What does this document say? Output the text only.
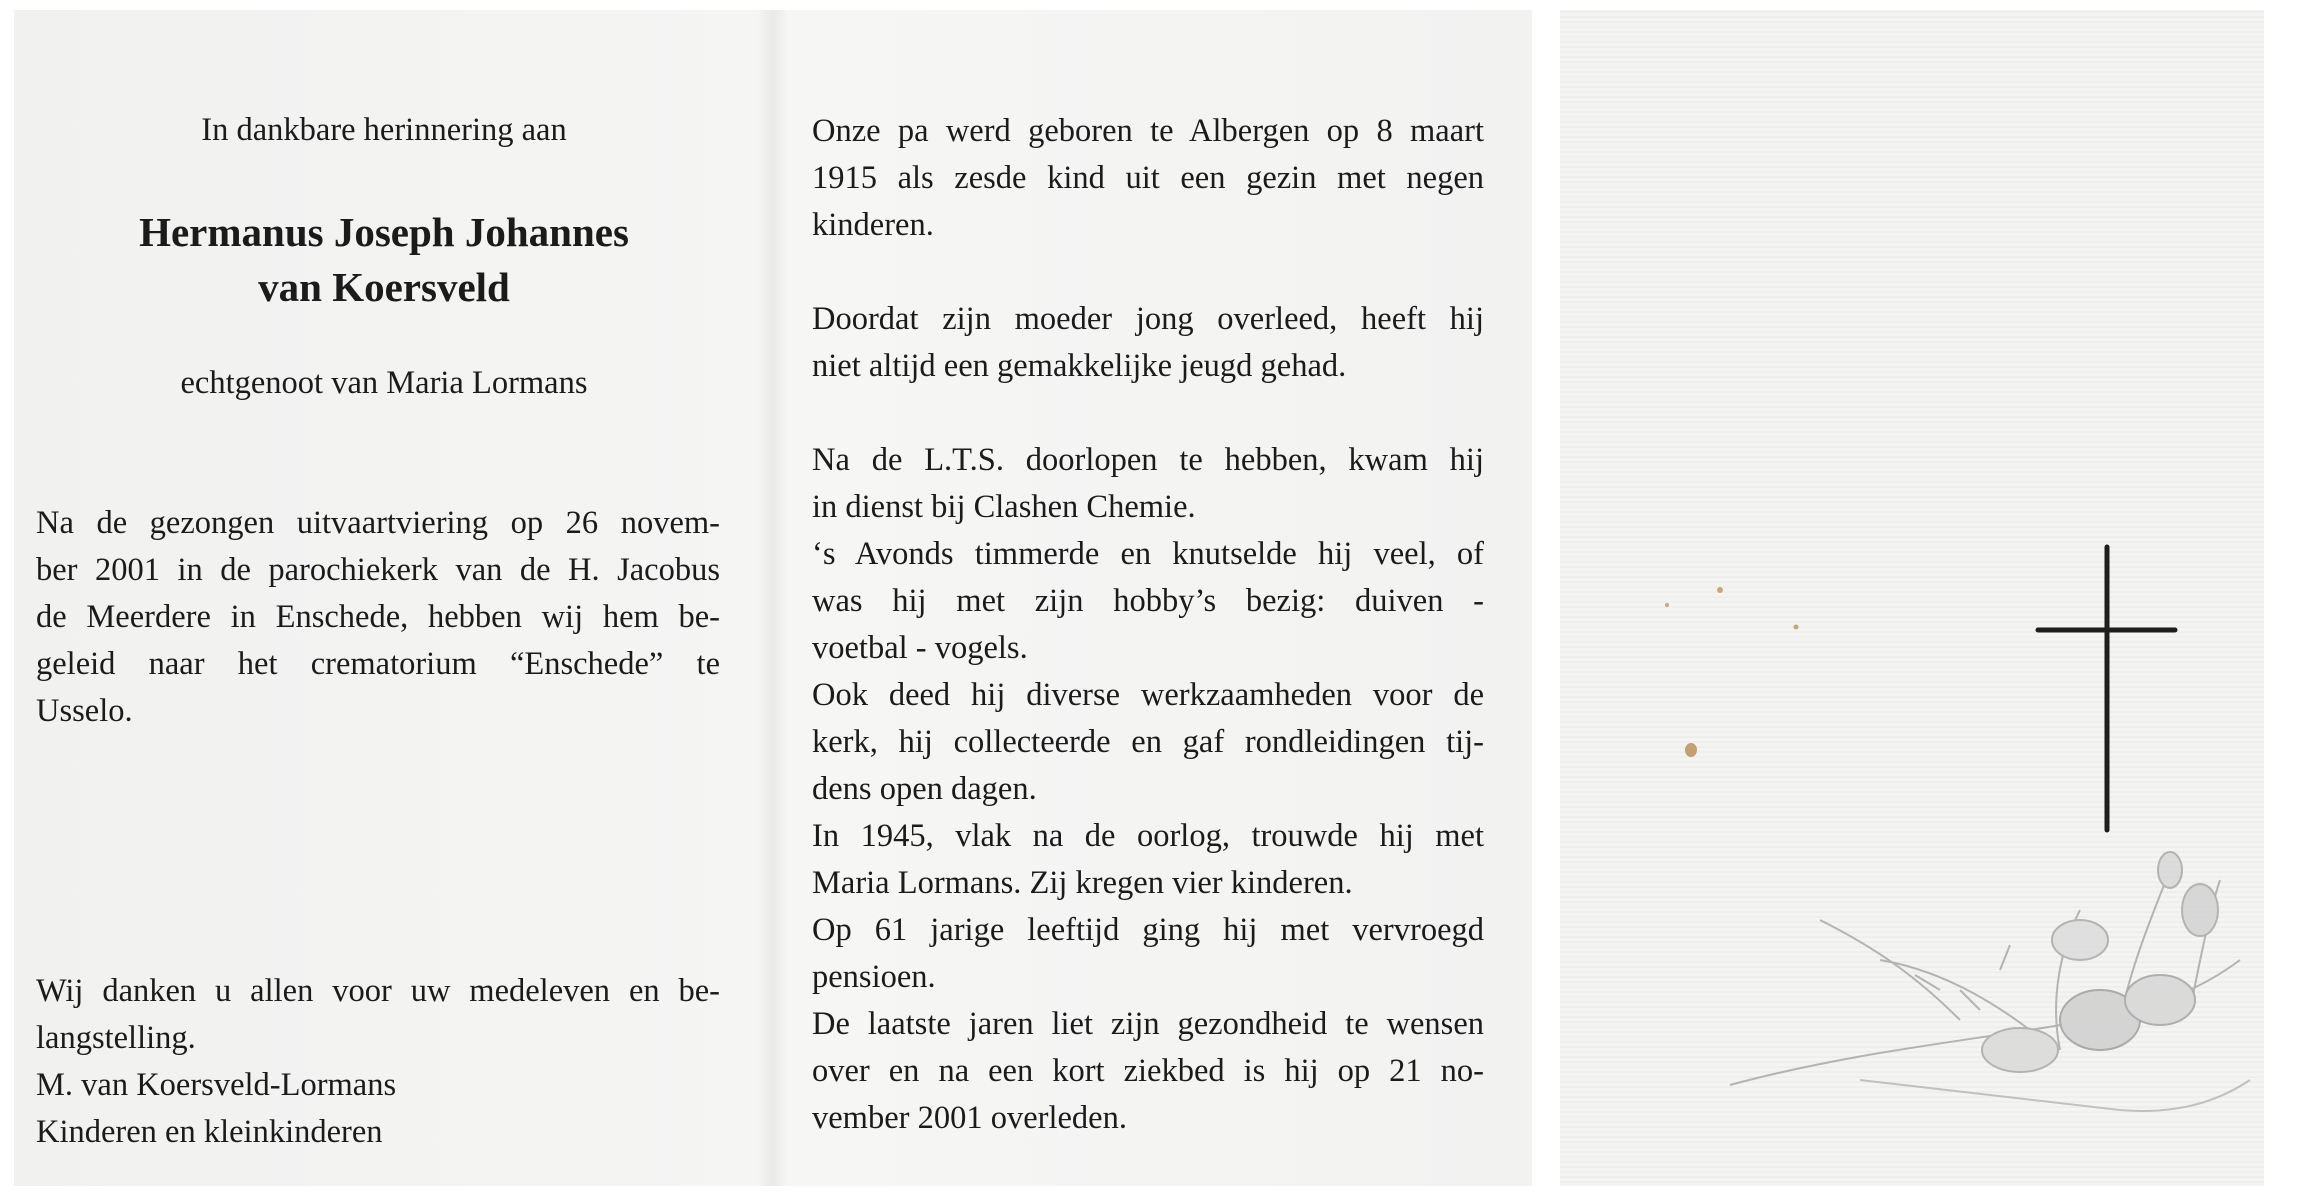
In dankbare herinnering aan
Hermanus Joseph Johannes
van Koersveld
echtgenoot van Maria Lormans
Na de gezongen uitvaartviering op 26 novem-
ber 2001 in de parochiekerk van de H. Jacobus
de Meerdere in Enschede, hebben wij hem be-
geleid naar het crematorium “Enschede” te
Usselo.
Wij danken u allen voor uw medeleven en be-
langstelling.
M. van Koersveld-Lormans
Kinderen en kleinkinderen
Onze pa werd geboren te Albergen op 8 maart
1915 als zesde kind uit een gezin met negen
kinderen.
Doordat zijn moeder jong overleed, heeft hij
niet altijd een gemakkelijke jeugd gehad.
Na de L.T.S. doorlopen te hebben, kwam hij
in dienst bij Clashen Chemie.
‘s Avonds timmerde en knutselde hij veel, of
was hij met zijn hobby’s bezig: duiven -
voetbal - vogels.
Ook deed hij diverse werkzaamheden voor de
kerk, hij collecteerde en gaf rondleidingen tij-
dens open dagen.
In 1945, vlak na de oorlog, trouwde hij met
Maria Lormans. Zij kregen vier kinderen.
Op 61 jarige leeftijd ging hij met vervroegd
pensioen.
De laatste jaren liet zijn gezondheid te wensen
over en na een kort ziekbed is hij op 21 no-
vember 2001 overleden.
